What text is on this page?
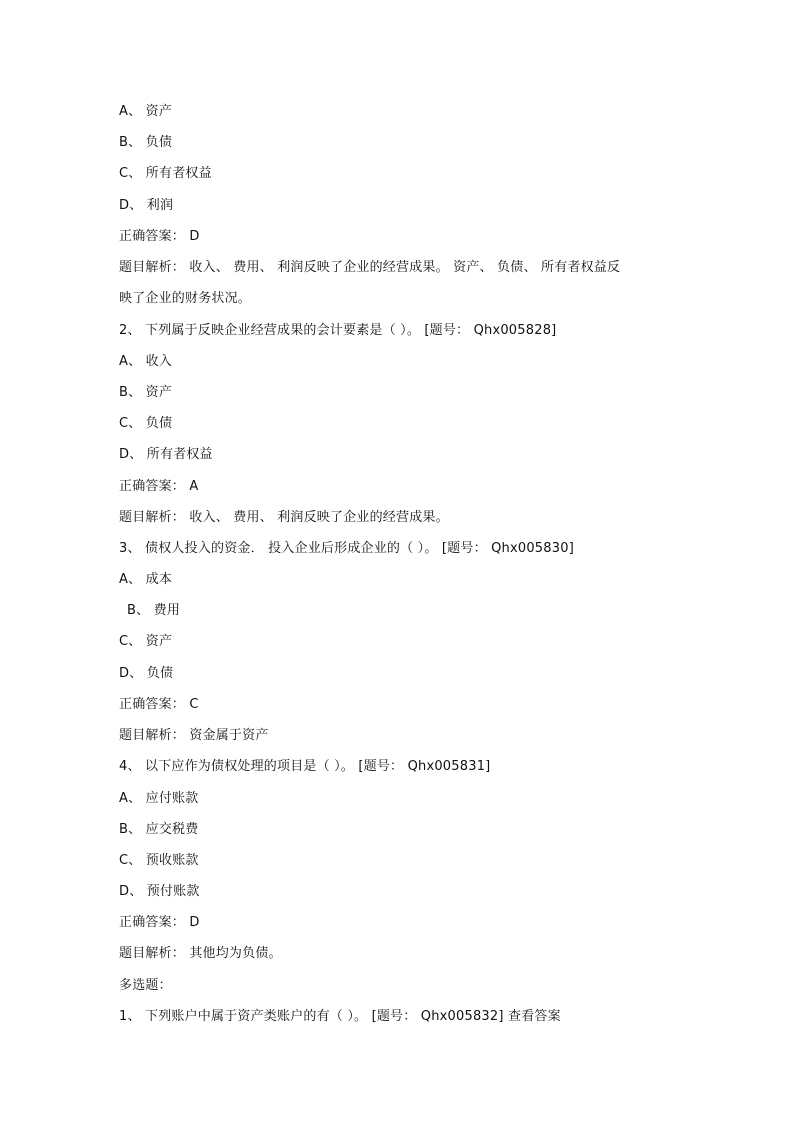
A、 资产
B、 负债
C、 所有者权益
D、 利润
正确答案： D
题目解析： 收入、 费用、 利润反映了企业的经营成果。 资产、 负债、 所有者权益反
映了企业的财务状况。
2、 下列属于反映企业经营成果的会计要素是（ ）。 [题号： Qhx005828]
A、 收入
B、 资产
C、 负债
D、 所有者权益
正确答案： A
题目解析： 收入、 费用、 利润反映了企业的经营成果。
3、 债权人投入的资金． 投入企业后形成企业的（ ）。 [题号： Qhx005830]
A、 成本
B、 费用
C、 资产
D、 负债
正确答案： C
题目解析： 资金属于资产
4、 以下应作为债权处理的项目是（ ）。 [题号： Qhx005831]
A、 应付账款
B、 应交税费
C、 预收账款
D、 预付账款
正确答案： D
题目解析： 其他均为负债。
多选题：
1、 下列账户中属于资产类账户的有（ ）。 [题号： Qhx005832] 查看答案
